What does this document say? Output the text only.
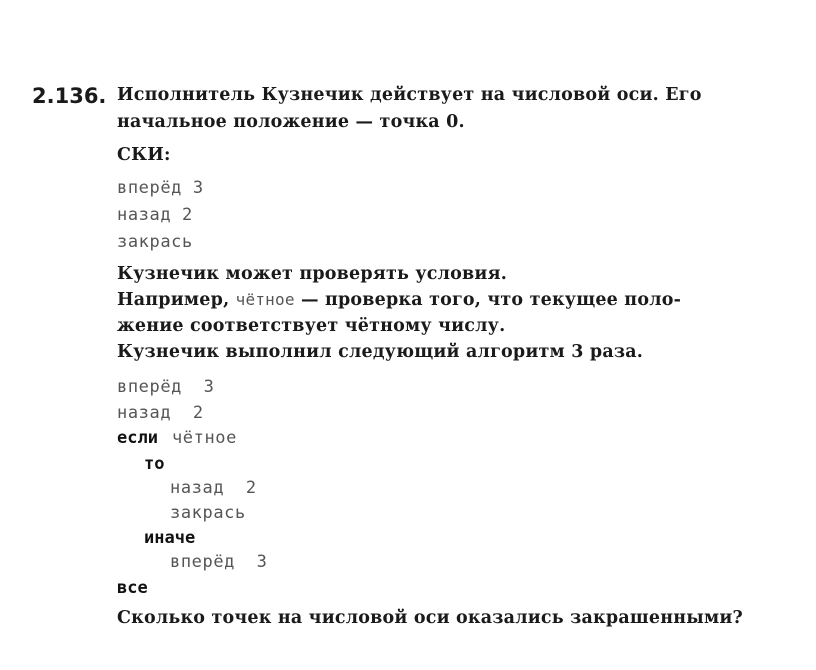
2.136. Исполнитель Кузнечик действует на числовой оси. Его
начальное положение — точка 0.
СКИ:
вперёд 3
назад 2
закрась
Кузнечик может проверять условия.
Например, чётное — проверка того, что текущее поло-
жение соответствует чётному числу.
Кузнечик выполнил следующий алгоритм 3 раза.
вперёд  3
назад  2
если чётное
то
назад  2
закрась
иначе
вперёд  3
все
Сколько точек на числовой оси оказались закрашенными?
